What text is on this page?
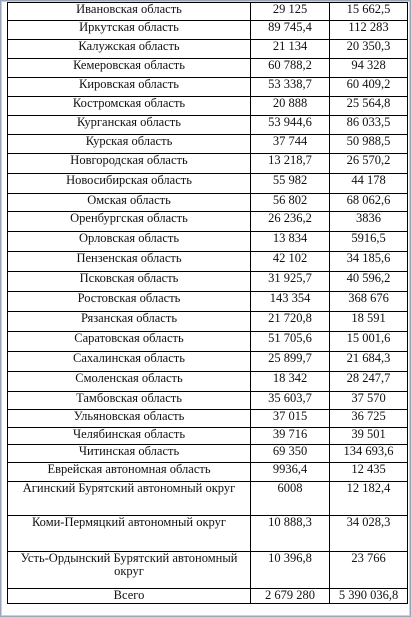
Ивановская область	29 125	15 662,5
Иркутская область	89 745,4	112 283
Калужская область	21 134	20 350,3
Кемеровская область	60 788,2	94 328
Кировская область	53 338,7	60 409,2
Костромская область	20 888	25 564,8
Курганская область	53 944,6	86 033,5
Курская область	37 744	50 988,5
Новгородская область	13 218,7	26 570,2
Новосибирская область	55 982	44 178
Омская область	56 802	68 062,6
Оренбургская область	26 236,2	3836
Орловская область	13 834	5916,5
Пензенская область	42 102	34 185,6
Псковская область	31 925,7	40 596,2
Ростовская область	143 354	368 676
Рязанская область	21 720,8	18 591
Саратовская область	51 705,6	15 001,6
Сахалинская область	25 899,7	21 684,3
Смоленская область	18 342	28 247,7
Тамбовская область	35 603,7	37 570
Ульяновская область	37 015	36 725
Челябинская область	39 716	39 501
Читинская область	69 350	134 693,6
Еврейская автономная область	9936,4	12 435
Агинский Бурятский автономный округ	6008	12 182,4
Коми-Пермяцкий автономный округ	10 888,3	34 028,3
Усть-Ордынский Бурятский автономный округ	10 396,8	23 766
Всего	2 679 280	5 390 036,8
